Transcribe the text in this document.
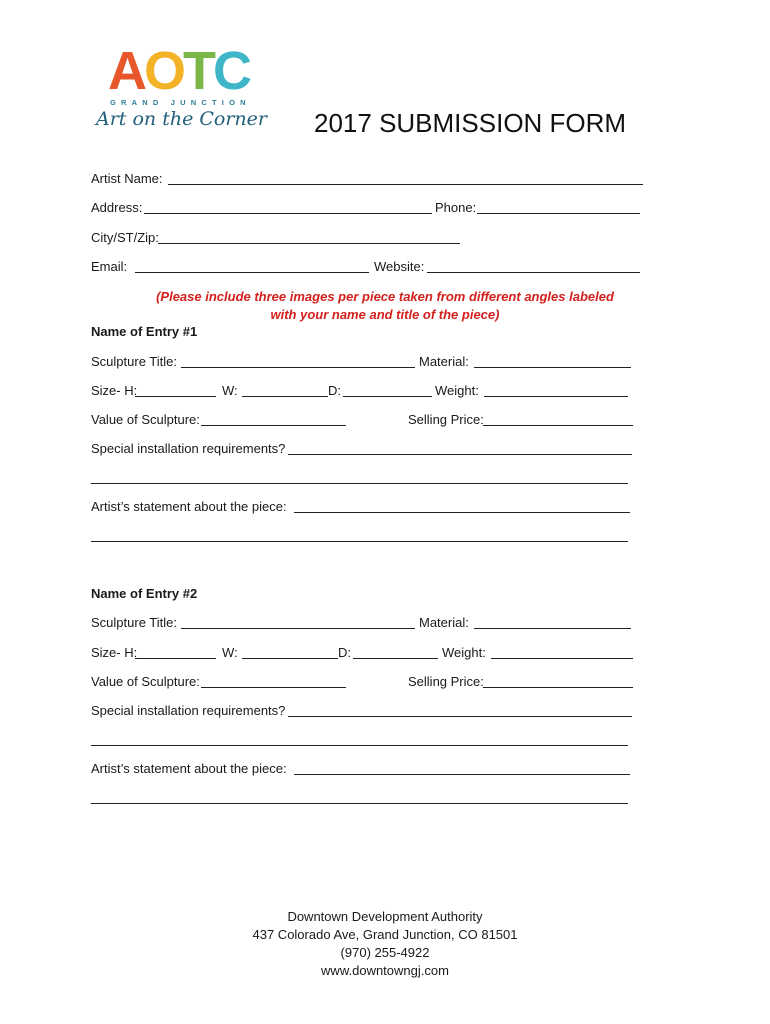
AOTC
GRAND JUNCTION
Art on the Corner 2017 SUBMISSION FORM
Artist Name:
Address:	Phone:
City/ST/Zip:
Email:	Website:
(Please include three images per piece taken from different angles labeled
with your name and title of the piece)
Name of Entry #1
Sculpture Title:	Material:
Size- H:	W:	D:	Weight:
Value of Sculpture:	Selling Price:
Special installation requirements?
Artist’s statement about the piece:
Name of Entry #2
Sculpture Title:	Material:
Size- H:	W:	D:	Weight:
Value of Sculpture:	Selling Price:
Special installation requirements?
Artist’s statement about the piece:
Downtown Development Authority
437 Colorado Ave, Grand Junction, CO 81501
(970) 255-4922
www.downtowngj.com
